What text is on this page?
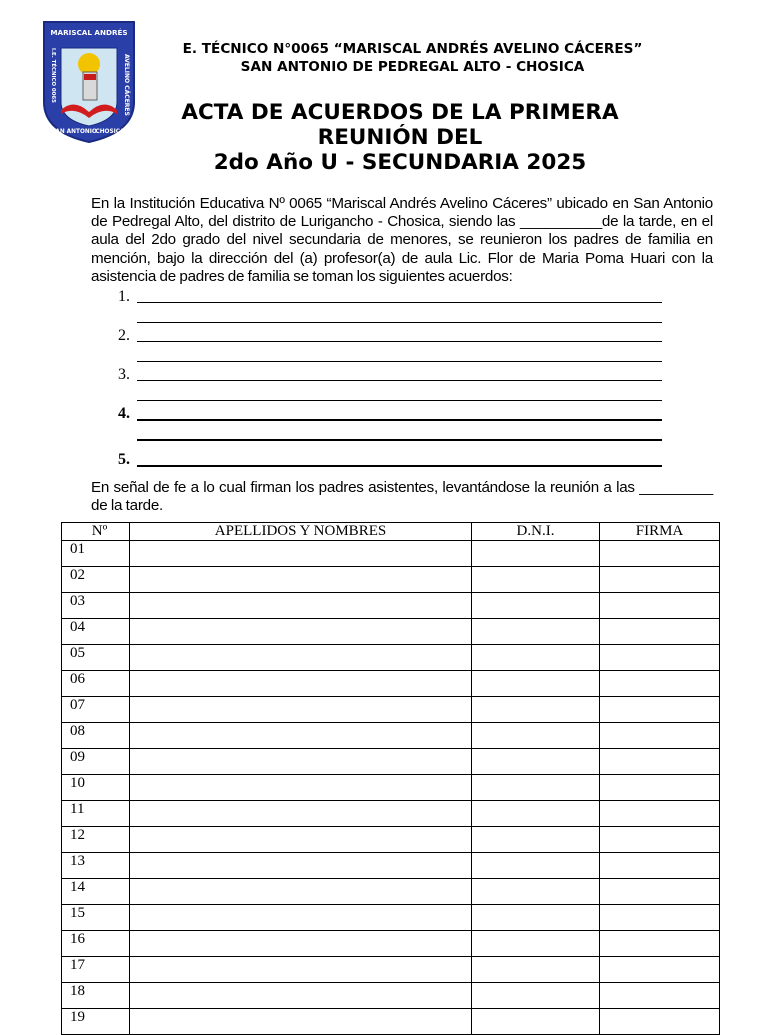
MARISCAL ANDRÉS
AVELINO CÁCERES
SAN ANTONIO
CHOSICA
I.E. TÉCNICO 0065	E. TÉCNICO N°0065 “MARISCAL ANDRÉS AVELINO CÁCERES”
SAN ANTONIO DE PEDREGAL ALTO - CHOSICA
ACTA DE ACUERDOS DE LA PRIMERA
REUNIÓN DEL
2do Año U - SECUNDARIA 2025

En la Institución Educativa Nº 0065 “Mariscal Andrés Avelino Cáceres” ubicado en San Antonio de Pedregal Alto, del distrito de Lurigancho - Chosica, siendo las __________de la tarde, en el aula del 2do grado del nivel secundaria de menores, se reunieron los padres de familia en mención, bajo la dirección del (a) profesor(a) de aula Lic. Flor de Maria Poma Huari con la asistencia de padres de familia se toman los siguientes acuerdos:

1.
2.
3.
4.
5.

En señal de fe a lo cual firman los padres asistentes, levantándose la reunión a las _________ de la tarde.

Nº	APELLIDOS Y NOMBRES	D.N.I.	FIRMA
01			
02			
03			
04			
05			
06			
07			
08			
09			
10			
11			
12			
13			
14			
15			
16			
17			
18			
19			
